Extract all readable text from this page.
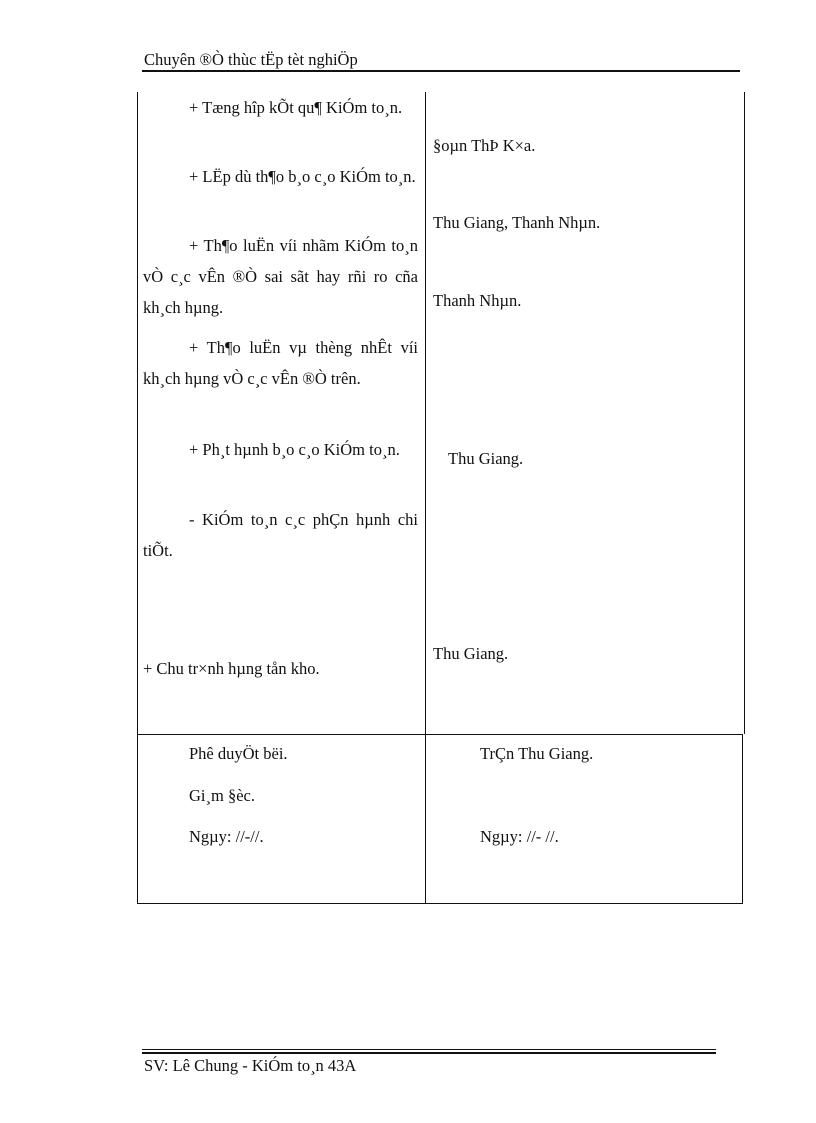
Chuyên ®Ò thùc tËp tèt nghiÖp

+ Tæng hîp kÕt qu¶ KiÓm to¸n.

+ LËp dù th¶o b¸o c¸o KiÓm to¸n.

+ Th¶o luËn víi nhãm KiÓm to¸n vÒ c¸c vÊn ®Ò sai sãt hay rñi ro cña kh¸ch hµng.

+ Th¶o luËn vµ thèng nhÊt víi kh¸ch hµng vÒ c¸c vÊn ®Ò trên.

+ Ph¸t hµnh b¸o c¸o KiÓm to¸n.

- KiÓm to¸n c¸c phÇn hµnh chi tiÕt.

+ Chu tr×nh hµng tån kho.
§oµn ThÞ K×a.
Thu Giang, Thanh Nhµn.
Thanh Nhµn.
Thu Giang.
Thu Giang.
Phê duyÖt bëi.
Gi¸m §èc.
Ngµy: //-//.
TrÇn Thu Giang.
Ngµy: //- //.
SV: Lê Chung - KiÓm to¸n 43A
